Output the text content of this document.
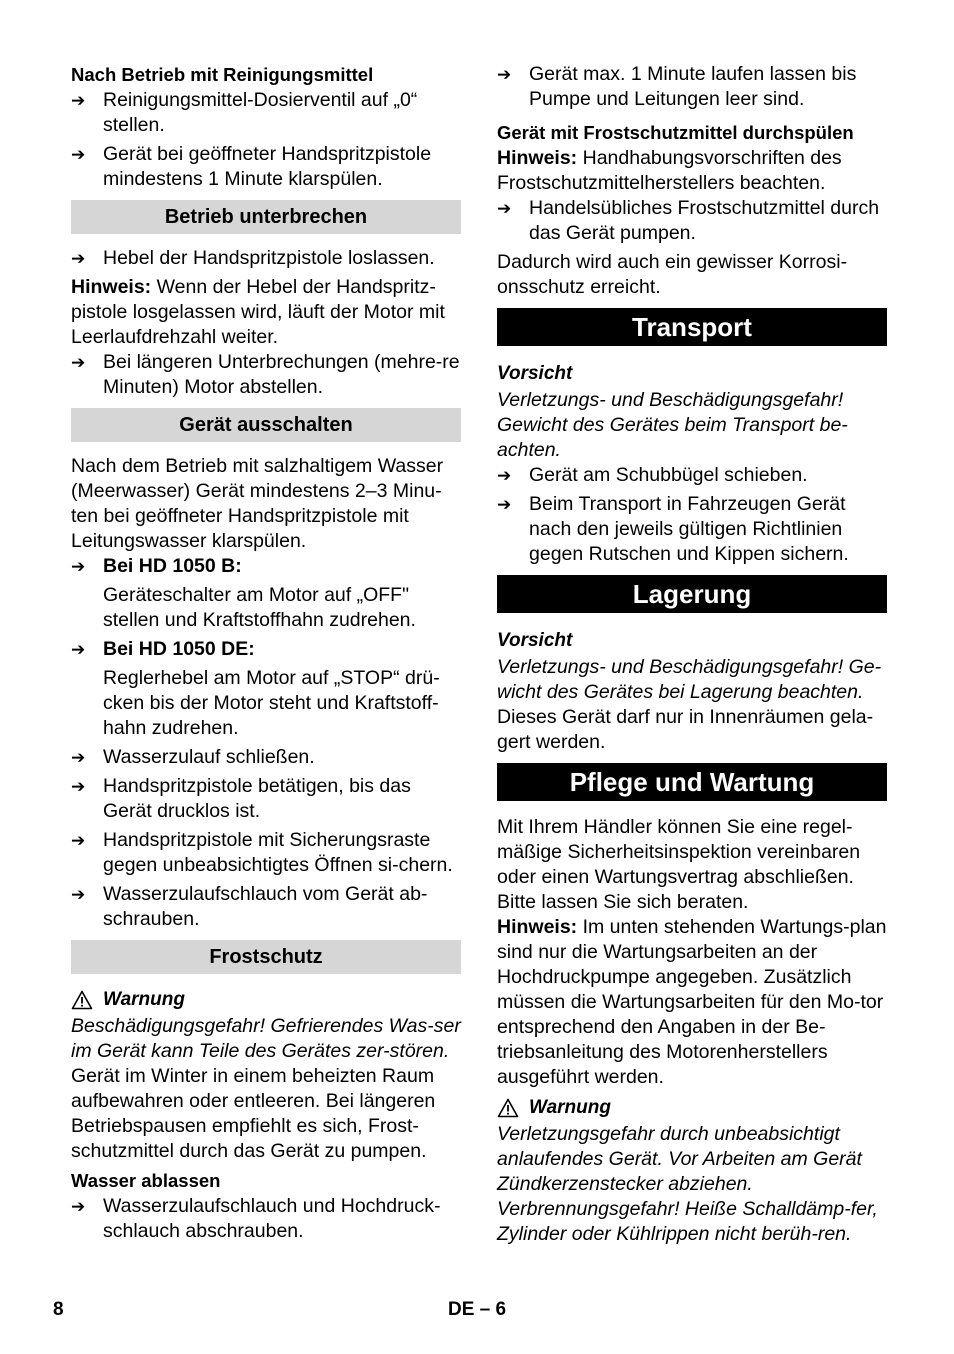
Nach Betrieb mit Reinigungsmittel

➔ Reinigungsmittel-Dosierventil auf „0“ stellen.
➔ Gerät bei geöffneter Handspritzpistole mindestens 1 Minute klarspülen.
Betrieb unterbrechen
➔ Hebel der Handspritzpistole loslassen.

Hinweis: Wenn der Hebel der Handspritz-pistole losgelassen wird, läuft der Motor mit Leerlaufdrehzahl weiter.

➔ Bei längeren Unterbrechungen (mehre-re Minuten) Motor abstellen.
Gerät ausschalten

Nach dem Betrieb mit salzhaltigem Wasser (Meerwasser) Gerät mindestens 2–3 Minu-ten bei geöffneter Handspritzpistole mit Leitungswasser klarspülen.

➔ Bei HD 1050 B:

Geräteschalter am Motor auf „OFF" stellen und Kraftstoffhahn zudrehen.

➔ Bei HD 1050 DE:

Reglerhebel am Motor auf „STOP“ drü-cken bis der Motor steht und Kraftstoff-hahn zudrehen.

➔ Wasserzulauf schließen.
➔ Handspritzpistole betätigen, bis das Gerät drucklos ist.
➔ Handspritzpistole mit Sicherungsraste gegen unbeabsichtigtes Öffnen si-chern.
➔ Wasserzulaufschlauch vom Gerät ab-schrauben.
Frostschutz
Warnung

Beschädigungsgefahr! Gefrierendes Was-ser im Gerät kann Teile des Gerätes zer-stören.

Gerät im Winter in einem beheizten Raum aufbewahren oder entleeren. Bei längeren Betriebspausen empfiehlt es sich, Frost-schutzmittel durch das Gerät zu pumpen.

Wasser ablassen

➔ Wasserzulaufschlauch und Hochdruck-schlauch abschrauben.
➔ Gerät max. 1 Minute laufen lassen bis Pumpe und Leitungen leer sind.

Gerät mit Frostschutzmittel durchspülen

Hinweis: Handhabungsvorschriften des Frostschutzmittelherstellers beachten.

➔ Handelsübliches Frostschutzmittel durch das Gerät pumpen.

Dadurch wird auch ein gewisser Korrosi-onsschutz erreicht.

Transport

Vorsicht

Verletzungs- und Beschädigungsgefahr! Gewicht des Gerätes beim Transport be-achten.

➔ Gerät am Schubbügel schieben.
➔ Beim Transport in Fahrzeugen Gerät nach den jeweils gültigen Richtlinien gegen Rutschen und Kippen sichern.
Lagerung

Vorsicht

Verletzungs- und Beschädigungsgefahr! Ge-wicht des Gerätes bei Lagerung beachten.

Dieses Gerät darf nur in Innenräumen gela-gert werden.

Pflege und Wartung

Mit Ihrem Händler können Sie eine regel-mäßige Sicherheitsinspektion vereinbaren oder einen Wartungsvertrag abschließen. Bitte lassen Sie sich beraten.

Hinweis: Im unten stehenden Wartungs-plan sind nur die Wartungsarbeiten an der Hochdruckpumpe angegeben. Zusätzlich müssen die Wartungsarbeiten für den Mo-tor entsprechend den Angaben in der Be-triebsanleitung des Motorenherstellers ausgeführt werden.

Warnung

Verletzungsgefahr durch unbeabsichtigt anlaufendes Gerät. Vor Arbeiten am Gerät Zündkerzenstecker abziehen.

Verbrennungsgefahr! Heiße Schalldämp-fer, Zylinder oder Kühlrippen nicht berüh-ren.

8	DE – 6
